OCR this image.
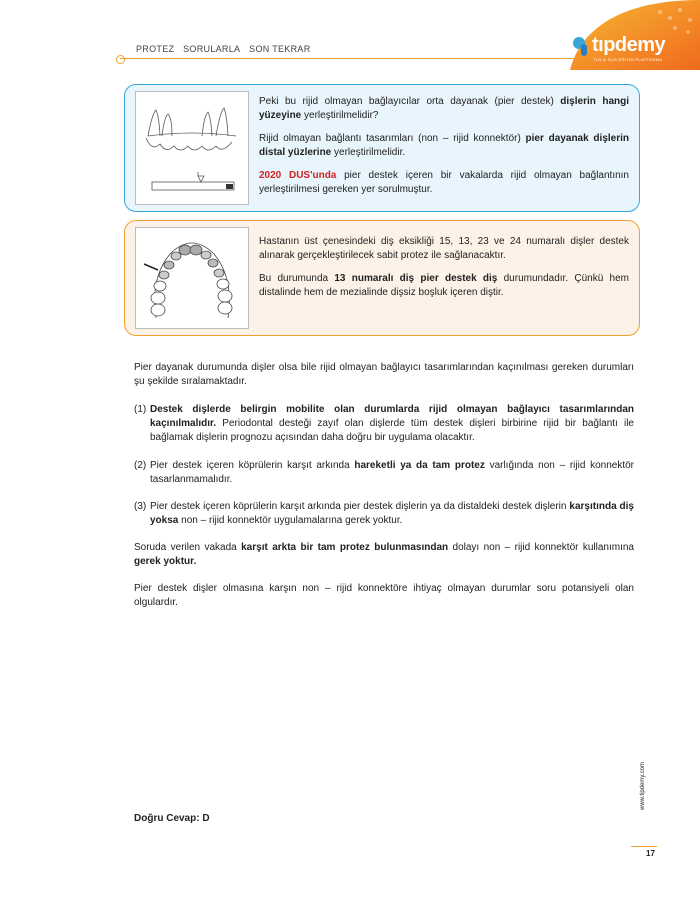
PROTEZ SORULARLA SON TEKRAR	tıpdemy
TUS & DUS EĞİTİM PLATFORMU

Peki bu rijid olmayan bağlayıcılar orta dayanak (pier destek) dişlerin hangi yüzeyine yerleştirilmelidir?

Rijid olmayan bağlantı tasarımları (non – rijid konnektör) pier dayanak dişlerin distal yüzlerine yerleştirilmelidir.

2020 DUS'unda pier destek içeren bir vakalarda rijid olmayan bağlantının yerleştirilmesi gereken yer sorulmuştur.

Hastanın üst çenesindeki diş eksikliği 15, 13, 23 ve 24 numaralı dişler destek alınarak gerçekleştirilecek sabit protez ile sağlanacaktır.

Bu durumunda 13 numaralı diş pier destek diş durumundadır. Çünkü hem distalinde hem de mezialinde dişsiz boşluk içeren diştir.

Pier dayanak durumunda dişler olsa bile rijid olmayan bağlayıcı tasarımlarından kaçınılması gereken durumları şu şekilde sıralamaktadır.
(1) Destek dişlerde belirgin mobilite olan durumlarda rijid olmayan bağlayıcı tasarımlarından kaçınılmalıdır. Periodontal desteği zayıf olan dişlerde tüm destek dişleri birbirine rijid bir bağlantı ile bağlamak dişlerin prognozu açısından daha doğru bir uygulama olacaktır.
(2) Pier destek içeren köprülerin karşıt arkında hareketli ya da tam protez varlığında non – rijid konnektör tasarlanmamalıdır.
(3) Pier destek içeren köprülerin karşıt arkında pier destek dişlerin ya da distaldeki destek dişlerin karşıtında diş yoksa non – rijid konnektör uygulamalarına gerek yoktur.
Soruda verilen vakada karşıt arkta bir tam protez bulunmasından dolayı non – rijid konnektör kullanımına gerek yoktur.
Pier destek dişler olmasına karşın non – rijid konnektöre ihtiyaç olmayan durumlar soru potansiyeli olan olgulardır.
Doğru Cevap: D
www.tipdemy.com
17
